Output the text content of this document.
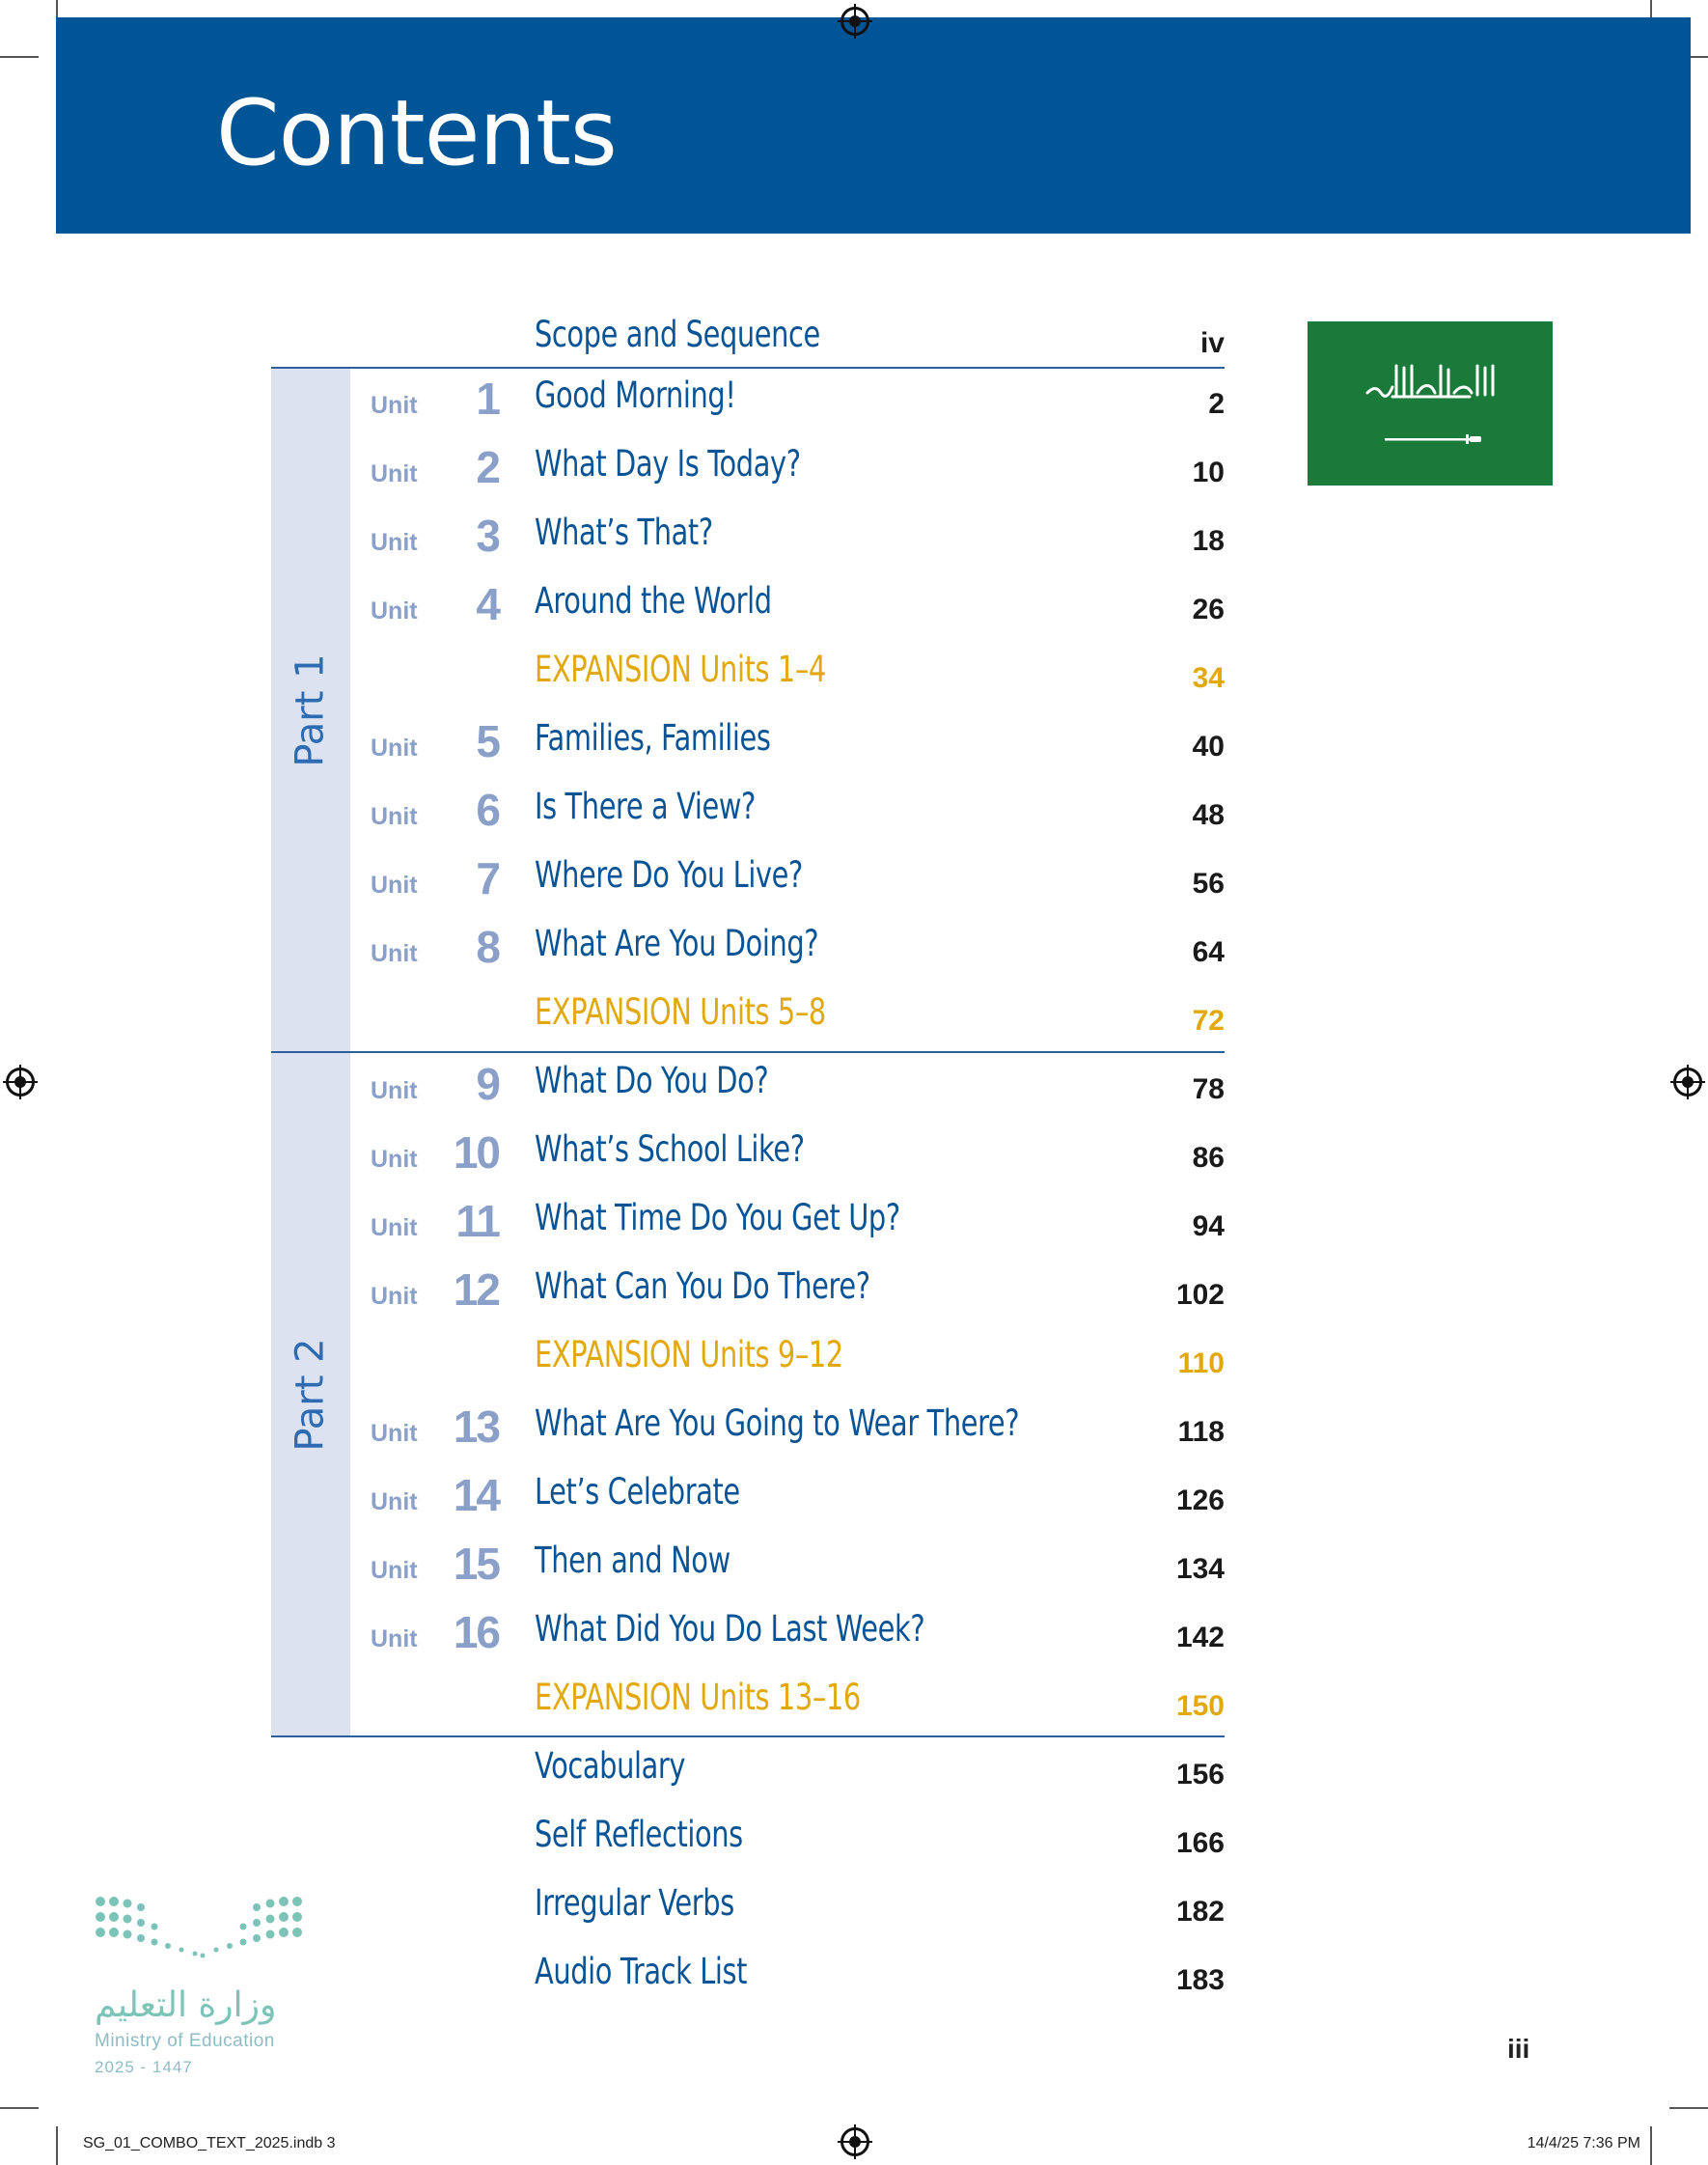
Contents
Scope and Sequence	iv
Part 1
Unit 1 Good Morning!	2
Unit 2 What Day Is Today?	10
Unit 3 What’s That?	18
Unit 4 Around the World	26
EXPANSION Units 1–4	34
Unit 5 Families, Families	40
Unit 6 Is There a View?	48
Unit 7 Where Do You Live?	56
Unit 8 What Are You Doing?	64
EXPANSION Units 5–8	72
Part 2
Unit 9 What Do You Do?	78
Unit 10 What’s School Like?	86
Unit 11 What Time Do You Get Up?	94
Unit 12 What Can You Do There?	102
EXPANSION Units 9–12	110
Unit 13 What Are You Going to Wear There?	118
Unit 14 Let’s Celebrate	126
Unit 15 Then and Now	134
Unit 16 What Did You Do Last Week?	142
EXPANSION Units 13–16	150
Vocabulary	156
Self Reflections	166
Irregular Verbs	182
Audio Track List	183
وزارة التعليم
Ministry of Education
2025 - 1447
iii
SG_01_COMBO_TEXT_2025.indb 3	14/4/25 7:36 PM
